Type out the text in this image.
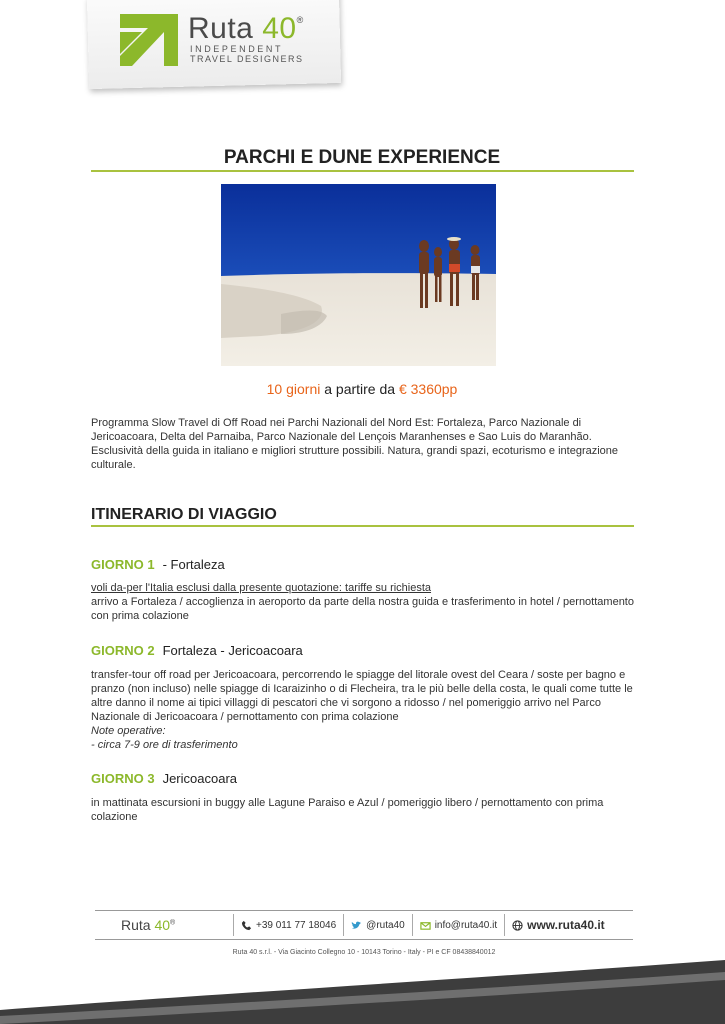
Ruta 40®
INDEPENDENT
TRAVEL DESIGNERS
PARCHI E DUNE EXPERIENCE
10 giorni a partire da € 3360pp
Programma Slow Travel di Off Road nei Parchi Nazionali del Nord Est: Fortaleza, Parco Nazionale di Jericoacoara, Delta del Parnaiba, Parco Nazionale del Lençois Maranhenses e Sao Luis do Maranhão. Esclusività della guida in italiano e migliori strutture possibili. Natura, grandi spazi, ecoturismo e integrazione culturale.
ITINERARIO DI VIAGGIO
GIORNO 1 - Fortaleza
voli da-per l'Italia esclusi dalla presente quotazione: tariffe su richiesta
arrivo a Fortaleza / accoglienza in aeroporto da parte della nostra guida e trasferimento in hotel / pernottamento con prima colazione
GIORNO 2 Fortaleza - Jericoacoara
transfer-tour off road per Jericoacoara, percorrendo le spiagge del litorale ovest del Ceara / soste per bagno e pranzo (non incluso) nelle spiagge di Icaraizinho o di Flecheira, tra le più belle della costa, le quali come tutte le altre danno il nome ai tipici villaggi di pescatori che vi sorgono a ridosso / nel pomeriggio arrivo nel Parco Nazionale di Jericoacoara / pernottamento con prima colazione
Note operative:
- circa 7-9 ore di trasferimento
GIORNO 3 Jericoacoara
in mattinata escursioni in buggy alle Lagune Paraiso e Azul / pomeriggio libero / pernottamento con prima colazione
Ruta 40®	+39 011 77 18046	@ruta40	info@ruta40.it	www.ruta40.it
Ruta 40 s.r.l. - Via Giacinto Collegno 10 - 10143 Torino - Italy - PI e CF 08438840012
